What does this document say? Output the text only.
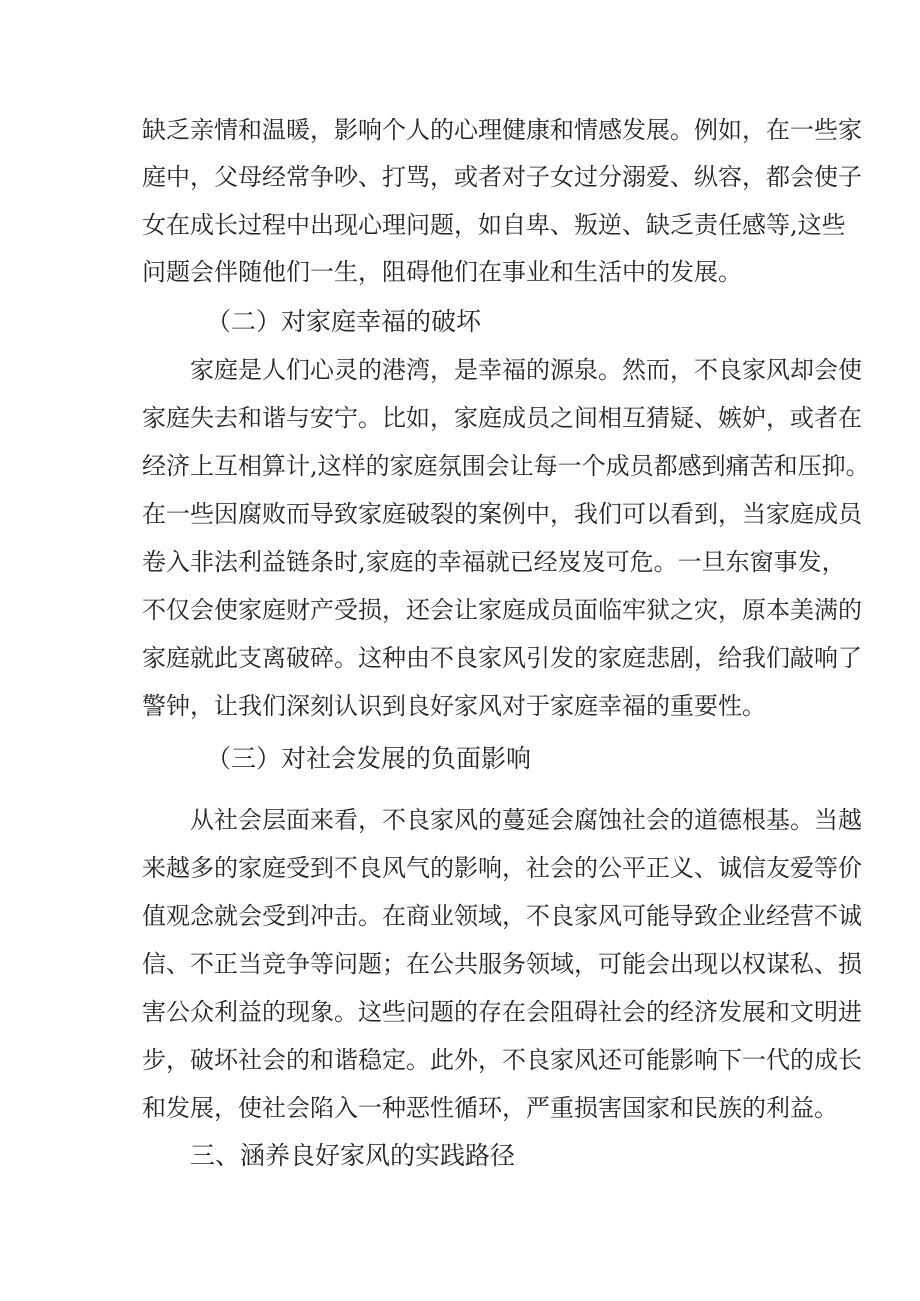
缺乏亲情和温暖，影响个人的心理健康和情感发展。例如，在一些家
庭中，父母经常争吵、打骂，或者对子女过分溺爱、纵容，都会使子
女在成长过程中出现心理问题，如自卑、叛逆、缺乏责任感等,这些
问题会伴随他们一生，阻碍他们在事业和生活中的发展。
（二）对家庭幸福的破坏
家庭是人们心灵的港湾，是幸福的源泉。然而，不良家风却会使
家庭失去和谐与安宁。比如，家庭成员之间相互猜疑、嫉妒，或者在
经济上互相算计,这样的家庭氛围会让每一个成员都感到痛苦和压抑。
在一些因腐败而导致家庭破裂的案例中，我们可以看到，当家庭成员
卷入非法利益链条时,家庭的幸福就已经岌岌可危。一旦东窗事发，
不仅会使家庭财产受损，还会让家庭成员面临牢狱之灾，原本美满的
家庭就此支离破碎。这种由不良家风引发的家庭悲剧，给我们敲响了
警钟，让我们深刻认识到良好家风对于家庭幸福的重要性。
（三）对社会发展的负面影响
从社会层面来看，不良家风的蔓延会腐蚀社会的道德根基。当越
来越多的家庭受到不良风气的影响，社会的公平正义、诚信友爱等价
值观念就会受到冲击。在商业领域，不良家风可能导致企业经营不诚
信、不正当竞争等问题；在公共服务领域，可能会出现以权谋私、损
害公众利益的现象。这些问题的存在会阻碍社会的经济发展和文明进
步，破坏社会的和谐稳定。此外，不良家风还可能影响下一代的成长
和发展，使社会陷入一种恶性循环，严重损害国家和民族的利益。
三、涵养良好家风的实践路径
